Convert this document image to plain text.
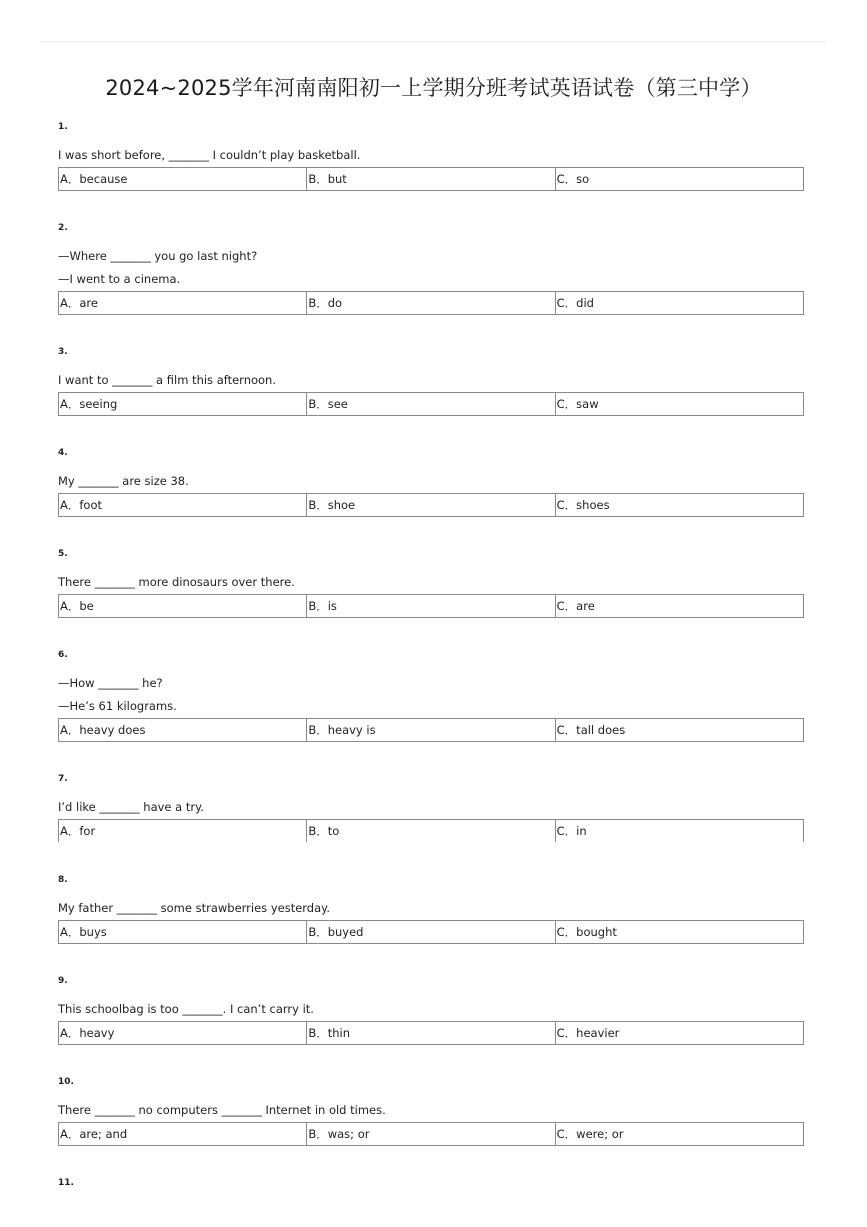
2024~2025学年河南南阳初一上学期分班考试英语试卷（第三中学）
1.
I was short before, _______ I couldn’t play basketball.
A．because	B．but	C．so
2.
—Where _______ you go last night?
—I went to a cinema.
A．are	B．do	C．did
3.
I want to _______ a film this afternoon.
A．seeing	B．see	C．saw
4.
My _______ are size 38.
A．foot	B．shoe	C．shoes
5.
There _______ more dinosaurs over there.
A．be	B．is	C．are
6.
—How _______ he?
—He’s 61 kilograms.
A．heavy does	B．heavy is	C．tall does
7.
I’d like _______ have a try.
A．for	B．to	C．in
8.
My father _______ some strawberries yesterday.
A．buys	B．buyed	C．bought
9.
This schoolbag is too _______. I can’t carry it.
A．heavy	B．thin	C．heavier
10.
There _______ no computers _______ Internet in old times.
A．are; and	B．was; or	C．were; or
11.
